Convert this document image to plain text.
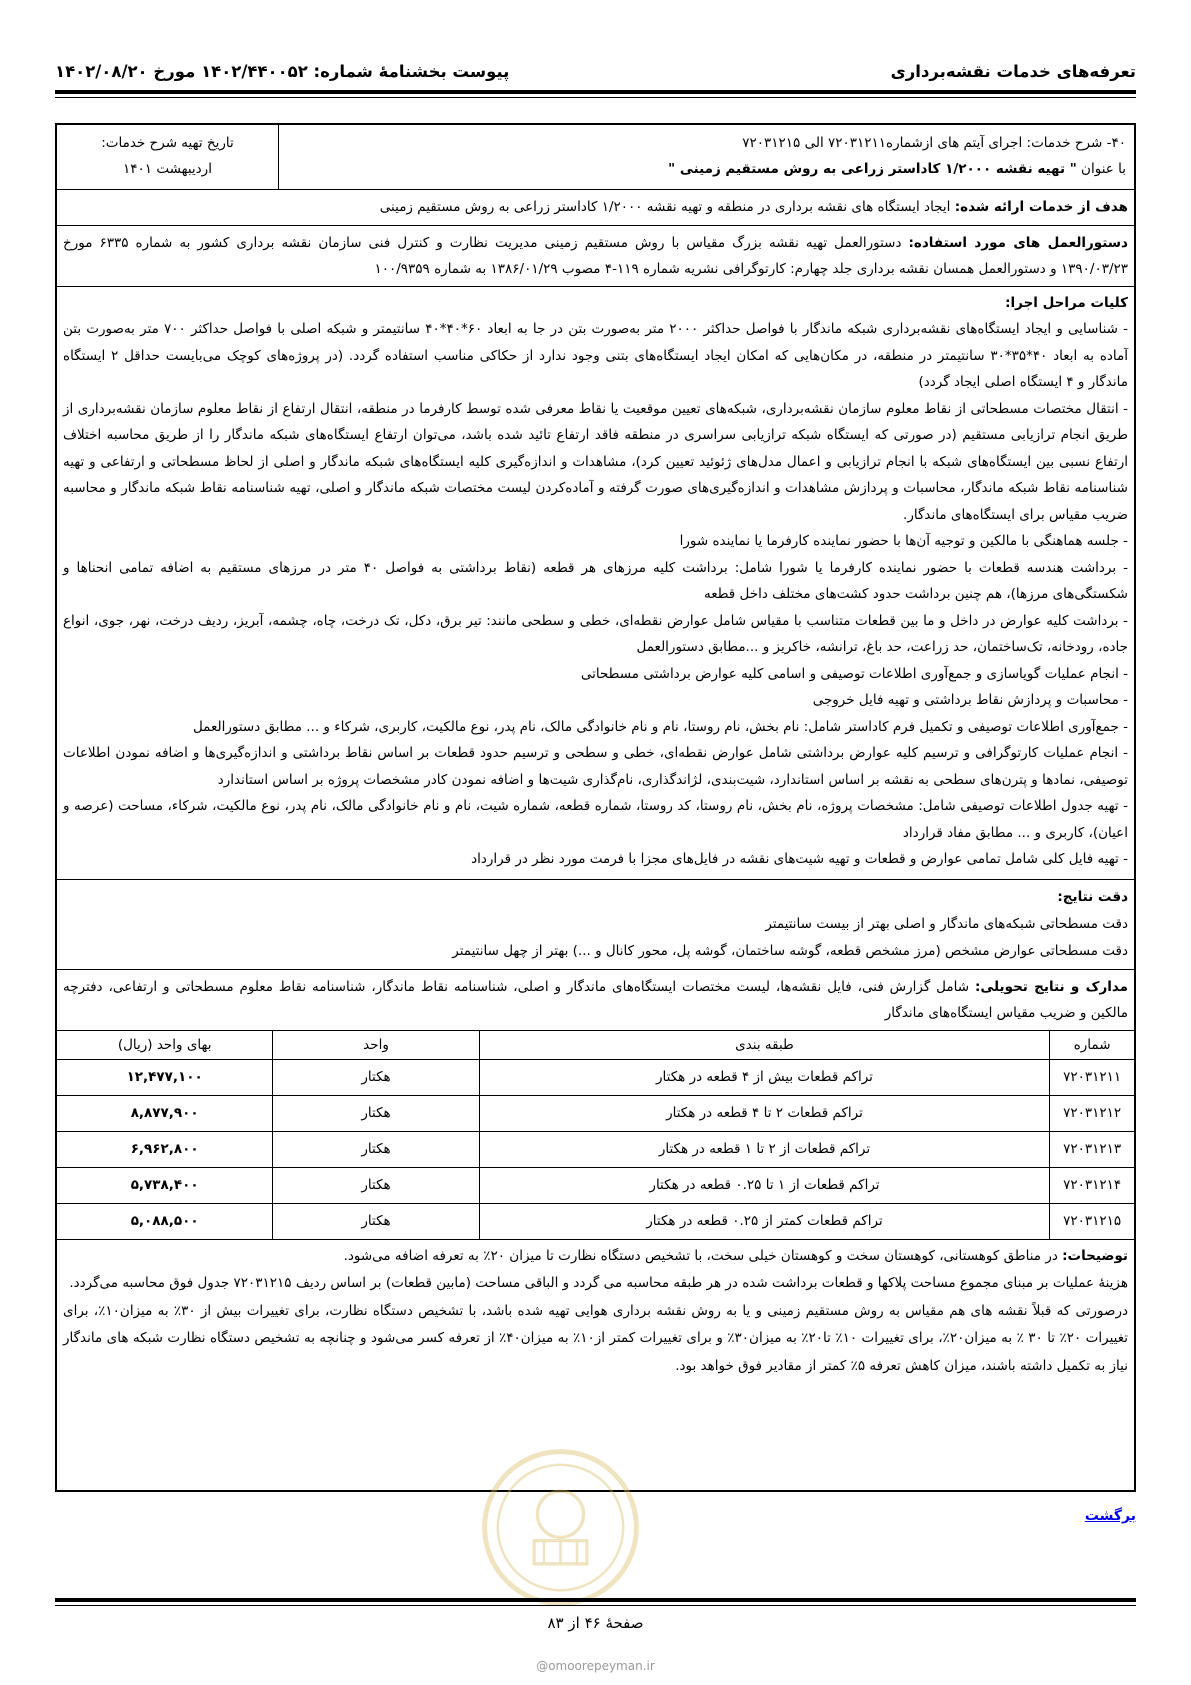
تعرفه‌های خدمات نقشه‌برداری
پیوست بخشنامۀ شماره: ۱۴۰۲/۴۴۰۰۵۲ مورخ ۱۴۰۲/۰۸/۲۰
۴۰- شرح خدمات: اجرای آیتم های ازشماره۷۲۰۳۱۲۱۱ الی ۷۲۰۳۱۲۱۵
با عنوان " تهیه نقشه ۱/۲۰۰۰ کاداستر زراعی به روش مستقیم زمینی "
تاریخ تهیه شرح خدمات:
اردیبهشت ۱۴۰۱
هدف از خدمات ارائه شده: ایجاد ایستگاه های نقشه برداری در منطقه و تهیه نقشه ۱/۲۰۰۰ کاداستر زراعی به روش مستقیم زمینی
دستورالعمل های مورد استفاده: دستورالعمل تهیه نقشه بزرگ مقیاس با روش مستقیم زمینی مدیریت نظارت و کنترل فنی سازمان نقشه برداری کشور به شماره ۶۳۳۵ مورخ ۱۳۹۰/۰۳/۲۳ و دستورالعمل همسان نقشه برداری جلد چهارم: کارتوگرافی نشریه شماره ۱۱۹-۴ مصوب ۱۳۸۶/۰۱/۲۹ به شماره ۱۰۰/۹۳۵۹
کلیات مراحل اجرا:
- شناسایی و ایجاد ایستگاه‌های نقشه‌برداری شبکه ماندگار با فواصل حداکثر ۲۰۰۰ متر به‌صورت بتن در جا به ابعاد ۶۰*۴۰*۴۰ سانتیمتر و شبکه اصلی با فواصل حداکثر ۷۰۰ متر به‌صورت بتن آماده به ابعاد ۴۰*۳۵*۳۰ سانتیمتر در منطقه، در مکان‌هایی که امکان ایجاد ایستگاه‌های بتنی وجود ندارد از حکاکی مناسب استفاده گردد. (در پروژه‌های کوچک می‌بایست حداقل ۲ ایستگاه ماندگار و ۴ ایستگاه اصلی ایجاد گردد)
- انتقال مختصات مسطحاتی از نقاط معلوم سازمان نقشه‌برداری، شبکه‌های تعیین موقعیت یا نقاط معرفی شده توسط کارفرما در منطقه، انتقال ارتفاع از نقاط معلوم سازمان نقشه‌برداری از طریق انجام ترازیابی مستقیم (در صورتی که ایستگاه شبکه ترازیابی سراسری در منطقه فاقد ارتفاع تائید شده باشد، می‌توان ارتفاع ایستگاه‌های شبکه ماندگار را از طریق محاسبه اختلاف ارتفاع نسبی بین ایستگاه‌های شبکه با انجام ترازیابی و اعمال مدل‌های ژئوئید تعیین کرد)، مشاهدات و اندازه‌گیری کلیه ایستگاه‌های شبکه ماندگار و اصلی از لحاظ مسطحاتی و ارتفاعی و تهیه شناسنامه نقاط شبکه ماندگار، محاسبات و پردازش مشاهدات و اندازه‌گیری‌های صورت گرفته و آماده‌کردن لیست مختصات شبکه ماندگار و اصلی، تهیه شناسنامه نقاط شبکه ماندگار و محاسبه ضریب مقیاس برای ایستگاه‌های ماندگار.
- جلسه هماهنگی با مالکین و توجیه آن‌ها با حضور نماینده کارفرما یا نماینده شورا
- برداشت هندسه قطعات با حضور نماینده کارفرما یا شورا شامل: برداشت کلیه مرزهای هر قطعه (نقاط برداشتی به فواصل ۴۰ متر در مرزهای مستقیم به اضافه تمامی انحناها و شکستگی‌های مرزها)، هم چنین برداشت حدود کشت‌های مختلف داخل قطعه
- برداشت کلیه عوارض در داخل و ما بین قطعات متناسب با مقیاس شامل عوارض نقطه‌ای، خطی و سطحی مانند: تیر برق، دکل، تک درخت، چاه، چشمه، آبریز، ردیف درخت، نهر، جوی، انواع جاده، رودخانه، تک‌ساختمان، حد زراعت، حد باغ، ترانشه، خاکریز و ...مطابق دستورالعمل
- انجام عملیات گویاسازی و جمع‌آوری اطلاعات توصیفی و اسامی کلیه عوارض برداشتی مسطحاتی
- محاسبات و پردازش نقاط برداشتی و تهیه فایل خروجی
- جمع‌آوری اطلاعات توصیفی و تکمیل فرم کاداستر شامل: نام بخش، نام روستا، نام و نام خانوادگی مالک، نام پدر، نوع مالکیت، کاربری، شرکاء و ... مطابق دستورالعمل
- انجام عملیات کارتوگرافی و ترسیم کلیه عوارض برداشتی شامل عوارض نقطه‌ای، خطی و سطحی و ترسیم حدود قطعات بر اساس نقاط برداشتی و اندازه‌گیری‌ها و اضافه نمودن اطلاعات توصیفی، نمادها و پترن‌های سطحی به نقشه بر اساس استاندارد، شیت‌بندی، لژاندگذاری، نام‌گذاری شیت‌ها و اضافه نمودن کادر مشخصات پروژه بر اساس استاندارد
- تهیه جدول اطلاعات توصیفی شامل: مشخصات پروژه، نام بخش، نام روستا، کد روستا، شماره قطعه، شماره شیت، نام و نام خانوادگی مالک، نام پدر، نوع مالکیت، شرکاء، مساحت (عرصه و اعیان)، کاربری و ... مطابق مفاد قرارداد
- تهیه فایل کلی شامل تمامی عوارض و قطعات و تهیه شیت‌های نقشه در فایل‌های مجزا با فرمت مورد نظر در قرارداد
دقت نتایج:
دقت مسطحاتی شبکه‌های ماندگار و اصلی بهتر از بیست سانتیمتر
دقت مسطحاتی عوارض مشخص (مرز مشخص قطعه، گوشه ساختمان، گوشه پل، محور کانال و ...) بهتر از چهل سانتیمتر
مدارک و نتایج تحویلی: شامل گزارش فنی، فایل نقشه‌ها، لیست مختصات ایستگاه‌های ماندگار و اصلی، شناسنامه نقاط ماندگار، شناسنامه نقاط معلوم مسطحاتی و ارتفاعی، دفترچه مالکین و ضریب مقیاس ایستگاه‌های ماندگار
شماره	طبقه بندی	واحد	بهای واحد (ریال)
۷۲۰۳۱۲۱۱	تراکم قطعات بیش از ۴ قطعه در هکتار	هکتار	۱۲,۴۷۷,۱۰۰
۷۲۰۳۱۲۱۲	تراکم قطعات ۲ تا ۴ قطعه در هکتار	هکتار	۸,۸۷۷,۹۰۰
۷۲۰۳۱۲۱۳	تراکم قطعات از ۲ تا ۱ قطعه در هکتار	هکتار	۶,۹۶۲,۸۰۰
۷۲۰۳۱۲۱۴	تراکم قطعات از ۱ تا ۰.۲۵ قطعه در هکتار	هکتار	۵,۷۳۸,۴۰۰
۷۲۰۳۱۲۱۵	تراکم قطعات کمتر از ۰.۲۵ قطعه در هکتار	هکتار	۵,۰۸۸,۵۰۰
توضیحات: در مناطق کوهستانی، کوهستان سخت و کوهستان خیلی سخت، با تشخیص دستگاه نظارت تا میزان ۲۰٪ به تعرفه اضافه می‌شود.
هزینهٔ عملیات بر مبنای مجموع مساحت پلاکها و قطعات برداشت شده در هر طبقه محاسبه می گردد و الباقی مساحت (مابین قطعات) بر اساس ردیف ۷۲۰۳۱۲۱۵ جدول فوق محاسبه می‌گردد.
درصورتی که قبلاً نقشه های هم مقیاس به روش مستقیم زمینی و یا به روش نقشه برداری هوایی تهیه شده باشد، با تشخیص دستگاه نظارت، برای تغییرات بیش از ۳۰٪ به میزان۱۰٪، برای تغییرات ۲۰٪ تا ۳۰ ٪ به میزان۲۰٪، برای تغییرات ۱۰٪ تا۲۰٪ به میزان۳۰٪ و برای تغییرات کمتر از۱۰٪ به میزان۴۰٪ از تعرفه کسر می‌شود و چنانچه به تشخیص دستگاه نظارت شبکه های ماندگار نیاز به تکمیل داشته باشند، میزان کاهش تعرفه ۵٪ کمتر از مقادیر فوق خواهد بود.
برگشت
صفحۀ ۴۶ از ۸۳
@omoorepeyman.ir
